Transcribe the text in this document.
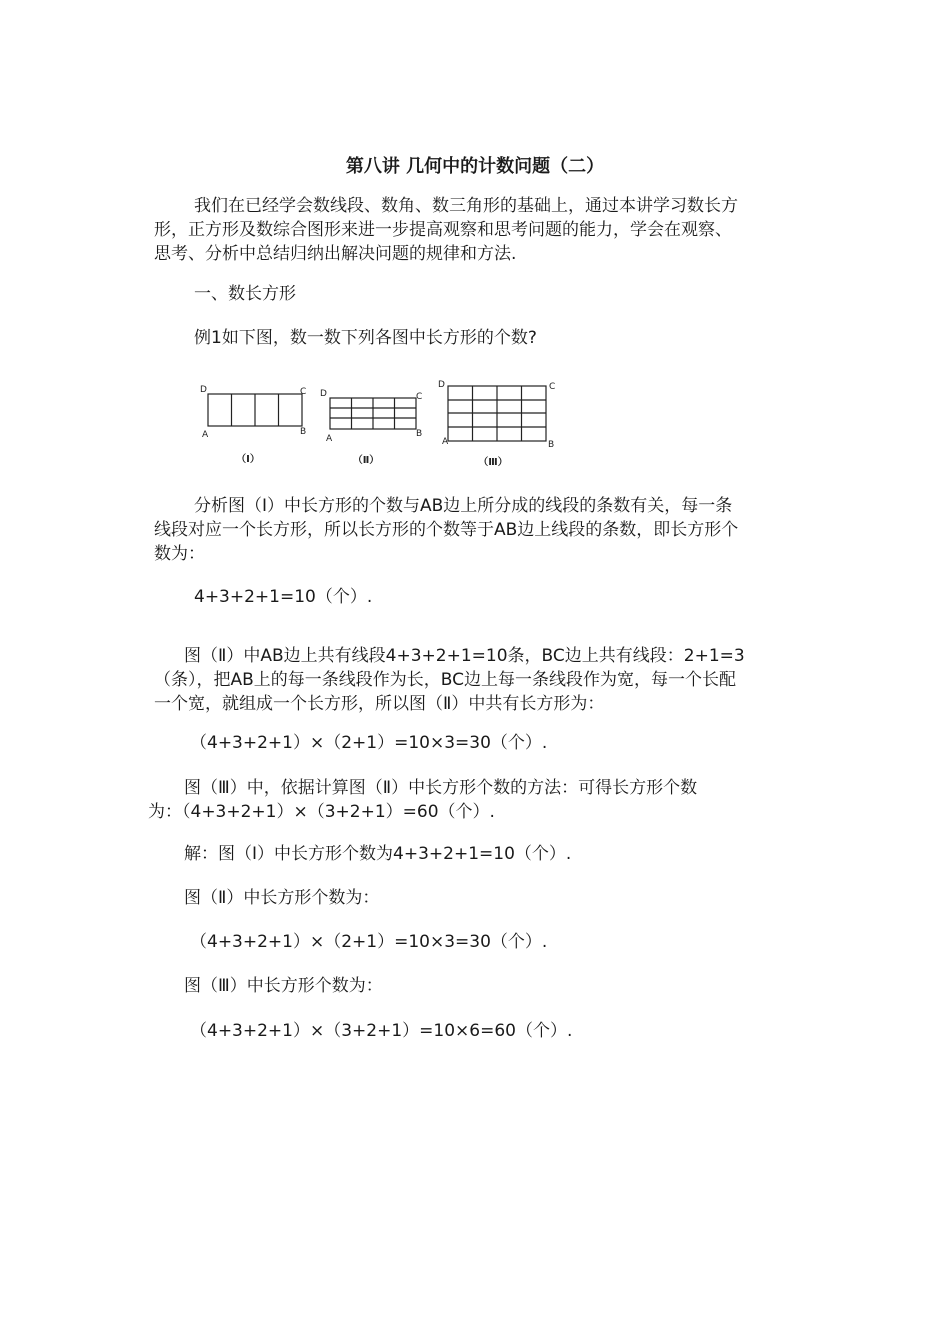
第八讲 几何中的计数问题（二）

我们在已经学会数线段、数角、数三角形的基础上，通过本讲学习数长方
形，正方形及数综合图形来进一步提高观察和思考问题的能力，学会在观察、
思考、分析中总结归纳出解决问题的规律和方法.

一、数长方形

例1如下图，数一数下列各图中长方形的个数?

D	C
A	B
D	C
A	B
D	C
A	B
（Ⅰ）	（Ⅱ）	（Ⅲ）

分析图（Ⅰ）中长方形的个数与AB边上所分成的线段的条数有关，每一条
线段对应一个长方形，所以长方形的个数等于AB边上线段的条数，即长方形个
数为：

4+3+2+1=10（个）.

图（Ⅱ）中AB边上共有线段4+3+2+1=10条，BC边上共有线段：2+1=3
（条），把AB上的每一条线段作为长，BC边上每一条线段作为宽，每一个长配
一个宽，就组成一个长方形，所以图（Ⅱ）中共有长方形为：

（4+3+2+1）×（2+1）=10×3=30（个）.

图（Ⅲ）中，依据计算图（Ⅱ）中长方形个数的方法：可得长方形个数
为：（4+3+2+1）×（3+2+1）=60（个）.

解：图（Ⅰ）中长方形个数为4+3+2+1=10（个）.

图（Ⅱ）中长方形个数为：

（4+3+2+1）×（2+1）=10×3=30（个）.

图（Ⅲ）中长方形个数为：

（4+3+2+1）×（3+2+1）=10×6=60（个）.
